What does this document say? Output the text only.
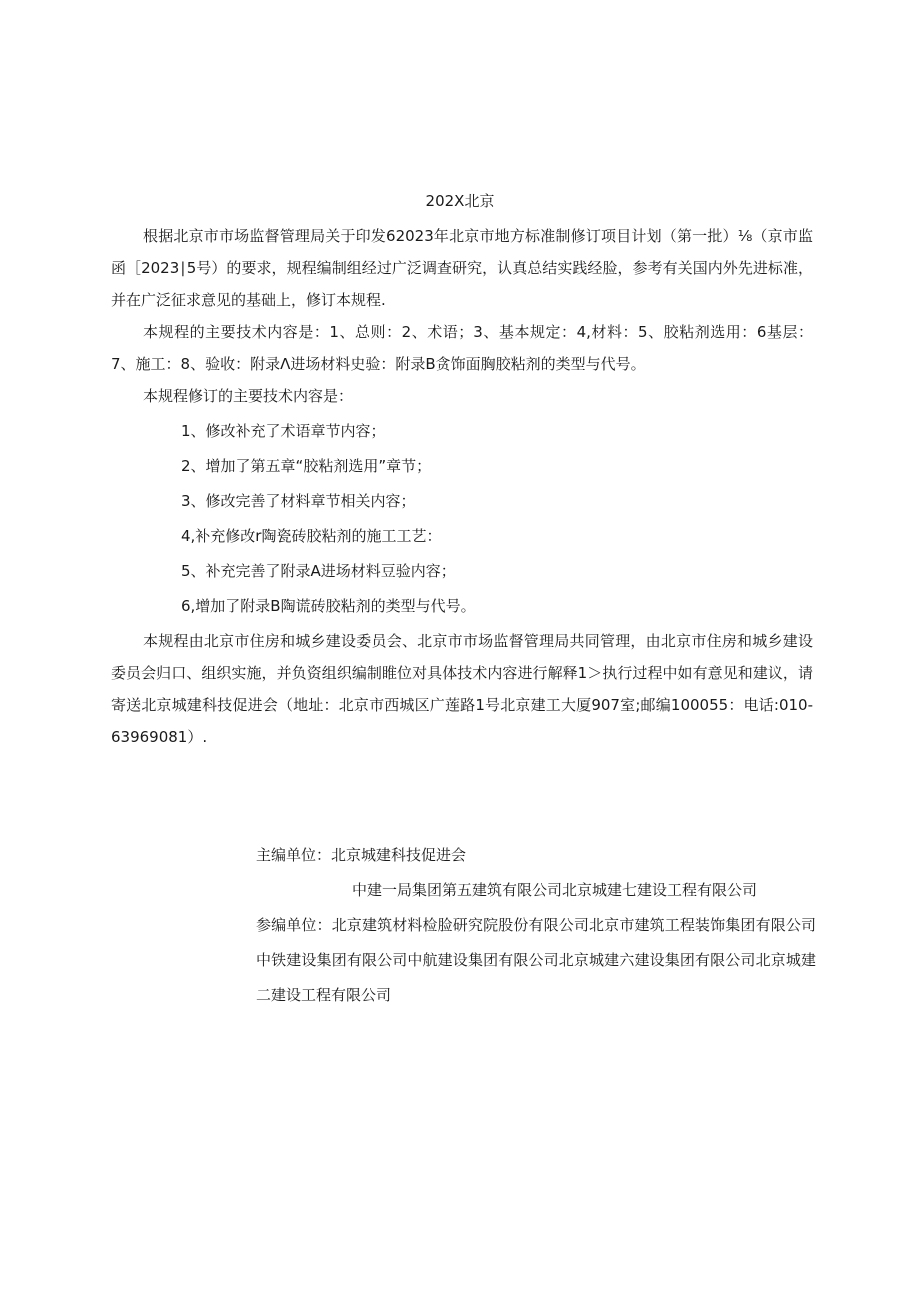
202X北京

根据北京市市场监督管理局关于印发62023年北京市地方标准制修订项目计划（第一批）⅛（京市监函［2023∣5号）的要求，规程编制组经过广泛调查研究，认真总结实践经脸，参考有关国内外先进标准，并在广泛征求意见的基础上，修订本规程.

本规程的主要技术内容是：1、总则：2、术语；3、基本规定：4,材料：5、胶粘剂选用：6基层：7、施工：8、验收：附录Λ进场材料史验：附录B贪饰面胸胶粘剂的类型与代号。

本规程修订的主要技术内容是：

1、修改补充了术语章节内容；

2、增加了第五章“胶粘剂选用”章节；

3、修改完善了材料章节相关内容；

4,补充修改r陶瓷砖胶粘剂的施工工艺：

5、补充完善了附录A进场材料豆验内容；

6,增加了附录B陶谎砖胶粘剂的类型与代号。

本规程由北京市住房和城乡建设委员会、北京市市场监督管理局共同管理，由北京市住房和城乡建设委员会归口、组织实施，并负资组织编制睢位对具体技术内容进行解释1＞执行过程中如有意见和建议，请寄送北京城建科技促进会（地址：北京市西城区广莲路1号北京建工大厦907室;邮编100055：电话:010-63969081）.

主编单位：北京城建科技促进会

中建一局集团第五建筑有限公司北京城建七建设工程有限公司

参编单位：北京建筑材料检脸研究院股份有限公司北京市建筑工程装饰集团有限公司中铁建设集团有限公司中航建设集团有限公司北京城建六建设集团有限公司北京城建二建设工程有限公司
